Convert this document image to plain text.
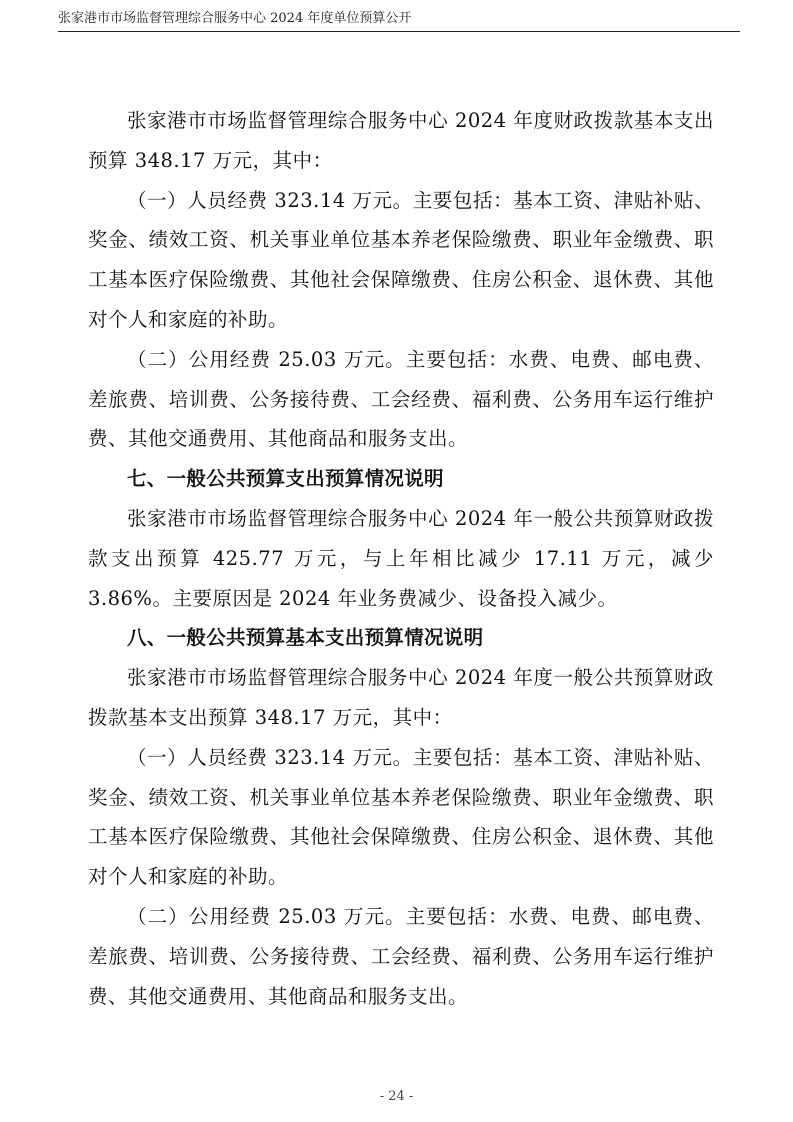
张家港市市场监督管理综合服务中心 2024 年度单位预算公开

张家港市市场监督管理综合服务中心 2024 年度财政拨款基本支出预算 348.17 万元，其中：

（一）人员经费 323.14 万元。主要包括：基本工资、津贴补贴、奖金、绩效工资、机关事业单位基本养老保险缴费、职业年金缴费、职工基本医疗保险缴费、其他社会保障缴费、住房公积金、退休费、其他对个人和家庭的补助。

（二）公用经费 25.03 万元。主要包括：水费、电费、邮电费、差旅费、培训费、公务接待费、工会经费、福利费、公务用车运行维护费、其他交通费用、其他商品和服务支出。

七、一般公共预算支出预算情况说明

张家港市市场监督管理综合服务中心 2024 年一般公共预算财政拨款支出预算 425.77 万元，与上年相比减少 17.11 万元，减少 3.86%。主要原因是 2024 年业务费减少、设备投入减少。

八、一般公共预算基本支出预算情况说明

张家港市市场监督管理综合服务中心 2024 年度一般公共预算财政拨款基本支出预算 348.17 万元，其中：

（一）人员经费 323.14 万元。主要包括：基本工资、津贴补贴、奖金、绩效工资、机关事业单位基本养老保险缴费、职业年金缴费、职工基本医疗保险缴费、其他社会保障缴费、住房公积金、退休费、其他对个人和家庭的补助。

（二）公用经费 25.03 万元。主要包括：水费、电费、邮电费、差旅费、培训费、公务接待费、工会经费、福利费、公务用车运行维护费、其他交通费用、其他商品和服务支出。

- 24 -
